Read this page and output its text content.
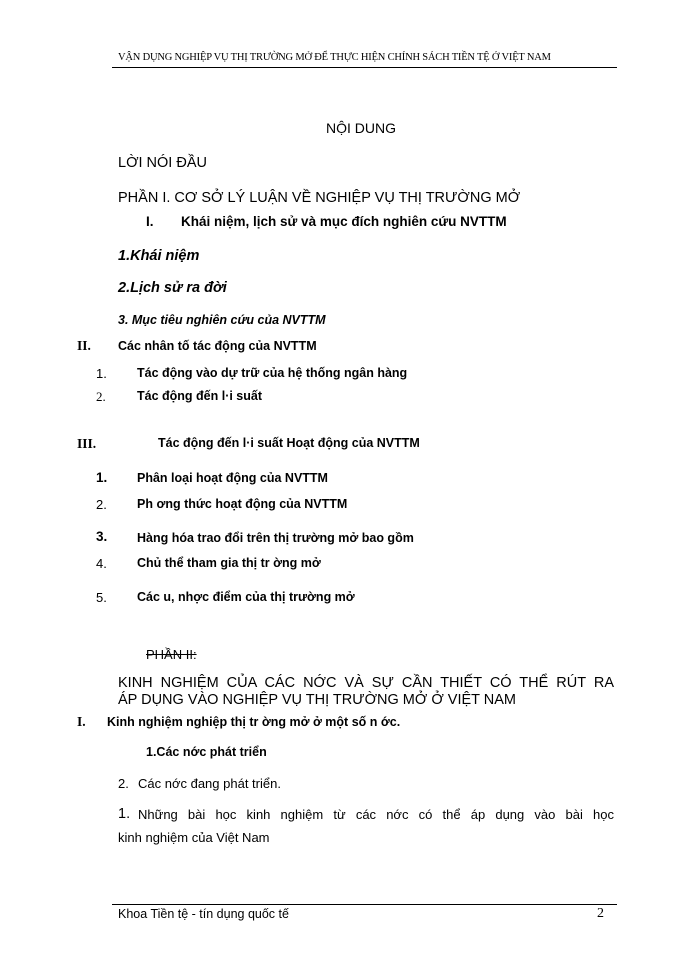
VẬN DỤNG NGHIỆP VỤ THỊ TRƯỜNG MỞ ĐỂ THỰC HIỆN CHÍNH SÁCH TIỀN TỆ Ở VIỆT NAM
NỘI DUNG
LỜI NÓI ĐẦU
PHẦN I. CƠ SỞ LÝ LUẬN VỀ NGHIỆP VỤ THỊ TRƯỜNG MỞ
I. Khái niệm, lịch sử và mục đích nghiên cứu NVTTM
1.Khái niệm
2.Lịch sử ra đời
3. Mục tiêu nghiên cứu của NVTTM
II. Các nhân tố tác động của NVTTM
1. Tác động vào dự trữ của hệ thống ngân hàng
2.	Tác động đến l·i suất
III.	Tác động đến l·i suất Hoạt động của NVTTM
1. Phân loại hoạt động của NVTTM
2. Ph ơng thức hoạt động của NVTTM
3. Hàng hóa trao đổi trên thị trường mở bao gồm
4. Chủ thể tham gia thị tr ờng mở
5. Các u, nhợc điểm của thị trường mở
PHẦN II:
KINH NGHIỆM CỦA CÁC NỚC VÀ SỰ CẦN THIẾT CÓ THỂ RÚT RA
ÁP DỤNG VÀO NGHIỆP VỤ THỊ TRƯỜNG MỞ Ở VIỆT NAM
I. Kinh nghiệm nghiệp thị tr ờng mở ở một số n ớc.
1.Các nớc phát triển
2. Các nớc đang phát triển.
1. Những bài học kinh nghiệm từ các nớc có thể áp dụng vào bài học
kinh nghiệm của Việt Nam
Khoa Tiền tệ - tín dụng quốc tế	2
